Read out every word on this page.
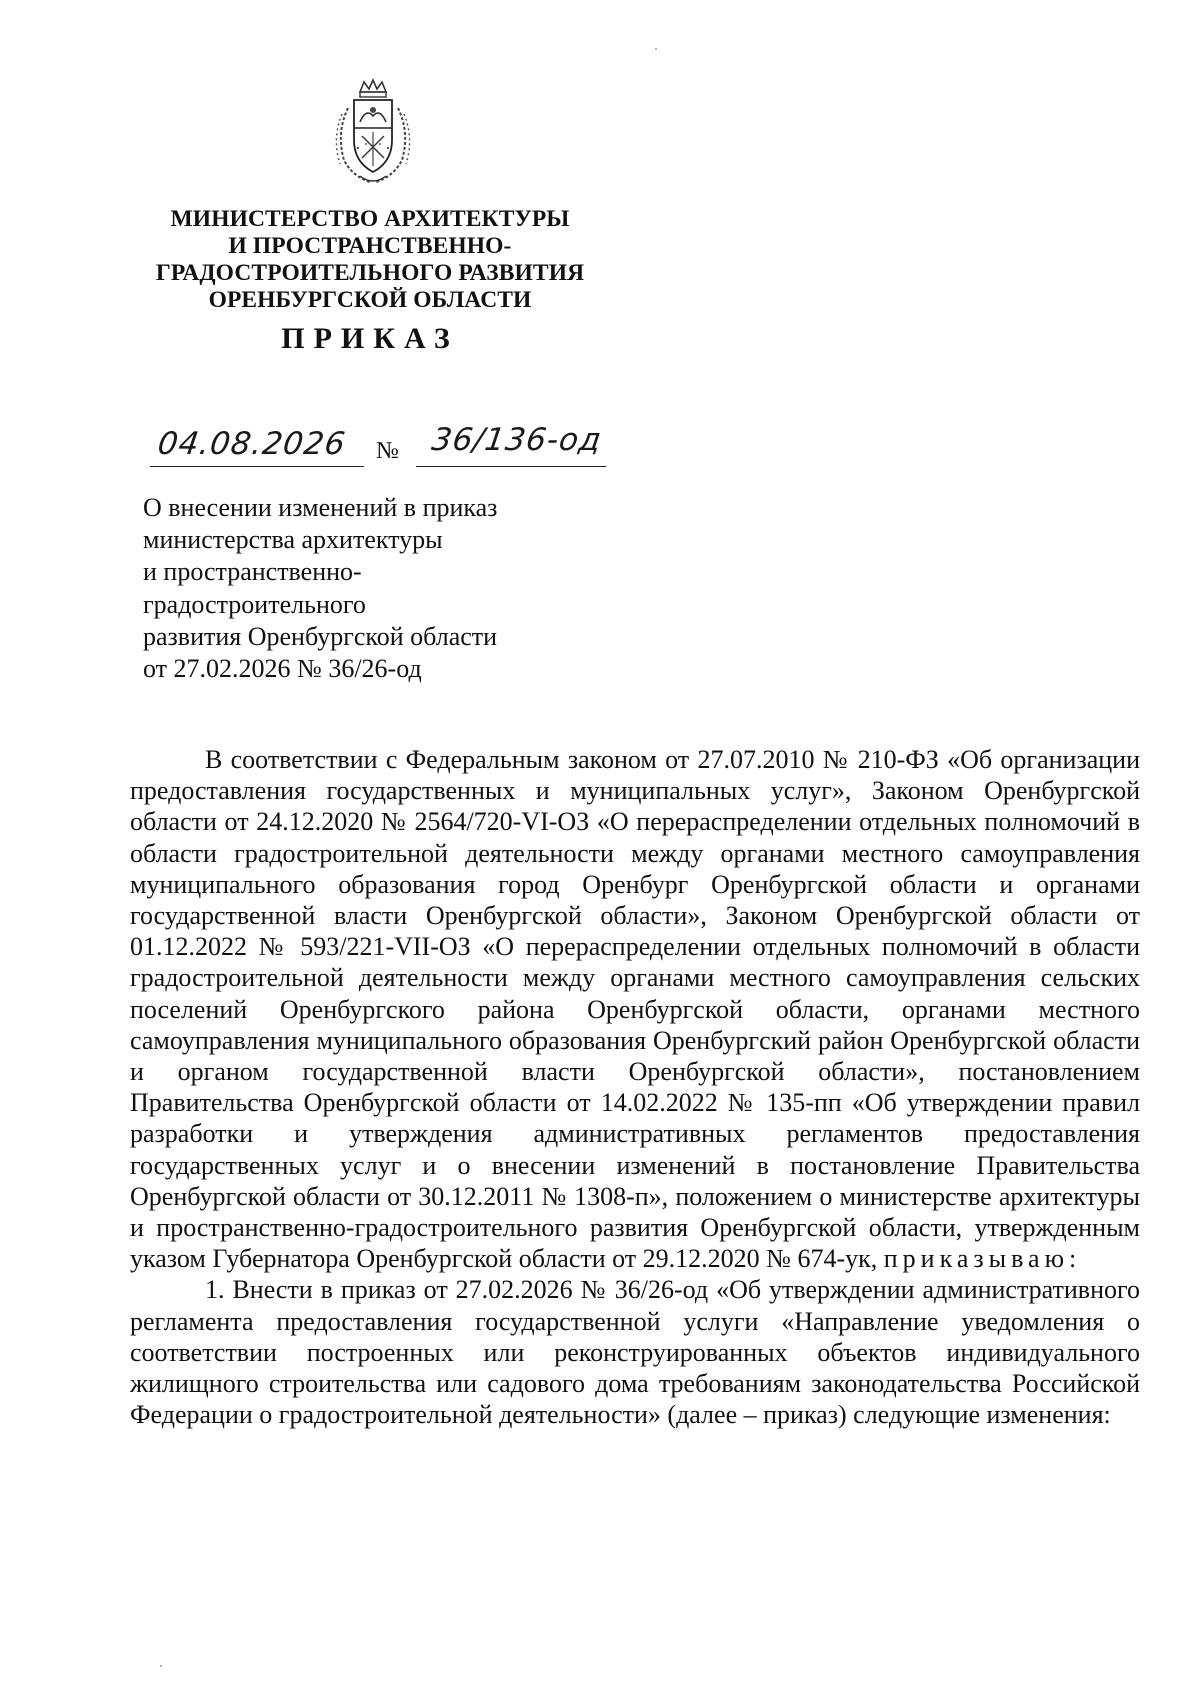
МИНИСТЕРСТВО АРХИТЕКТУРЫ
И ПРОСТРАНСТВЕННО-
ГРАДОСТРОИТЕЛЬНОГО РАЗВИТИЯ
ОРЕНБУРГСКОЙ ОБЛАСТИ
ПРИКАЗ
04.08.2026 № 36/136-од
О внесении изменений в приказ
министерства архитектуры
и пространственно-
градостроительного
развития Оренбургской области
от 27.02.2026 № 36/26-од

В соответствии с Федеральным законом от 27.07.2010 № 210-ФЗ «Об организации предоставления государственных и муниципальных услуг», Законом Оренбургской области от 24.12.2020 № 2564/720-VI-ОЗ «О перераспределении отдельных полномочий в области градостроительной деятельности между органами местного самоуправления муниципального образования город Оренбург Оренбургской области и органами государственной власти Оренбургской области», Законом Оренбургской области от 01.12.2022 № 593/221-VII-ОЗ «О перераспределении отдельных полномочий в области градостроительной деятельности между органами местного самоуправления сельских поселений Оренбургского района Оренбургской области, органами местного самоуправления муниципального образования Оренбургский район Оренбургской области и органом государственной власти Оренбургской области», постановлением Правительства Оренбургской области от 14.02.2022 № 135-пп «Об утверждении правил разработки и утверждения административных регламентов предоставления государственных услуг и о внесении изменений в постановление Правительства Оренбургской области от 30.12.2011 № 1308-п», положением о министерстве архитектуры и пространственно-градостроительного развития Оренбургской области, утвержденным указом Губернатора Оренбургской области от 29.12.2020 № 674-ук, приказываю:

1. Внести в приказ от 27.02.2026 № 36/26-од «Об утверждении административного регламента предоставления государственной услуги «Направление уведомления о соответствии построенных или реконструированных объектов индивидуального жилищного строительства или садового дома требованиям законодательства Российской Федерации о градостроительной деятельности» (далее – приказ) следующие изменения:
